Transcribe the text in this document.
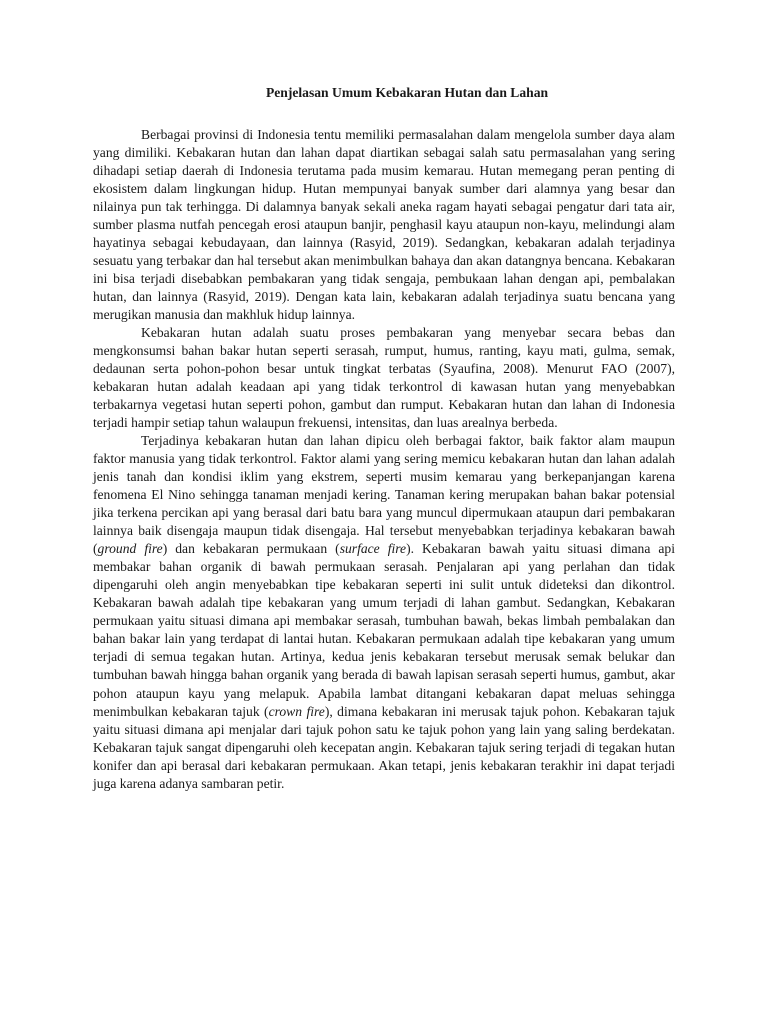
Penjelasan Umum Kebakaran Hutan dan Lahan

Berbagai provinsi di Indonesia tentu memiliki permasalahan dalam mengelola sumber daya alam yang dimiliki. Kebakaran hutan dan lahan dapat diartikan sebagai salah satu permasalahan yang sering dihadapi setiap daerah di Indonesia terutama pada musim kemarau. Hutan memegang peran penting di ekosistem dalam lingkungan hidup. Hutan mempunyai banyak sumber dari alamnya yang besar dan nilainya pun tak terhingga. Di dalamnya banyak sekali aneka ragam hayati sebagai pengatur dari tata air, sumber plasma nutfah pencegah erosi ataupun banjir, penghasil kayu ataupun non-kayu, melindungi alam hayatinya sebagai kebudayaan, dan lainnya (Rasyid, 2019). Sedangkan, kebakaran adalah terjadinya sesuatu yang terbakar dan hal tersebut akan menimbulkan bahaya dan akan datangnya bencana. Kebakaran ini bisa terjadi disebabkan pembakaran yang tidak sengaja, pembukaan lahan dengan api, pembalakan hutan, dan lainnya (Rasyid, 2019). Dengan kata lain, kebakaran adalah terjadinya suatu bencana yang merugikan manusia dan makhluk hidup lainnya.

Kebakaran hutan adalah suatu proses pembakaran yang menyebar secara bebas dan mengkonsumsi bahan bakar hutan seperti serasah, rumput, humus, ranting, kayu mati, gulma, semak, dedaunan serta pohon-pohon besar untuk tingkat terbatas (Syaufina, 2008). Menurut FAO (2007), kebakaran hutan adalah keadaan api yang tidak terkontrol di kawasan hutan yang menyebabkan terbakarnya vegetasi hutan seperti pohon, gambut dan rumput. Kebakaran hutan dan lahan di Indonesia terjadi hampir setiap tahun walaupun frekuensi, intensitas, dan luas arealnya berbeda.

Terjadinya kebakaran hutan dan lahan dipicu oleh berbagai faktor, baik faktor alam maupun faktor manusia yang tidak terkontrol. Faktor alami yang sering memicu kebakaran hutan dan lahan adalah jenis tanah dan kondisi iklim yang ekstrem, seperti musim kemarau yang berkepanjangan karena fenomena El Nino sehingga tanaman menjadi kering. Tanaman kering merupakan bahan bakar potensial jika terkena percikan api yang berasal dari batu bara yang muncul dipermukaan ataupun dari pembakaran lainnya baik disengaja maupun tidak disengaja. Hal tersebut menyebabkan terjadinya kebakaran bawah (ground fire) dan kebakaran permukaan (surface fire). Kebakaran bawah yaitu situasi dimana api membakar bahan organik di bawah permukaan serasah. Penjalaran api yang perlahan dan tidak dipengaruhi oleh angin menyebabkan tipe kebakaran seperti ini sulit untuk dideteksi dan dikontrol. Kebakaran bawah adalah tipe kebakaran yang umum terjadi di lahan gambut. Sedangkan, Kebakaran permukaan yaitu situasi dimana api membakar serasah, tumbuhan bawah, bekas limbah pembalakan dan bahan bakar lain yang terdapat di lantai hutan. Kebakaran permukaan adalah tipe kebakaran yang umum terjadi di semua tegakan hutan. Artinya, kedua jenis kebakaran tersebut merusak semak belukar dan tumbuhan bawah hingga bahan organik yang berada di bawah lapisan serasah seperti humus, gambut, akar pohon ataupun kayu yang melapuk. Apabila lambat ditangani kebakaran dapat meluas sehingga menimbulkan kebakaran tajuk (crown fire), dimana kebakaran ini merusak tajuk pohon. Kebakaran tajuk yaitu situasi dimana api menjalar dari tajuk pohon satu ke tajuk pohon yang lain yang saling berdekatan. Kebakaran tajuk sangat dipengaruhi oleh kecepatan angin. Kebakaran tajuk sering terjadi di tegakan hutan konifer dan api berasal dari kebakaran permukaan. Akan tetapi, jenis kebakaran terakhir ini dapat terjadi juga karena adanya sambaran petir.
